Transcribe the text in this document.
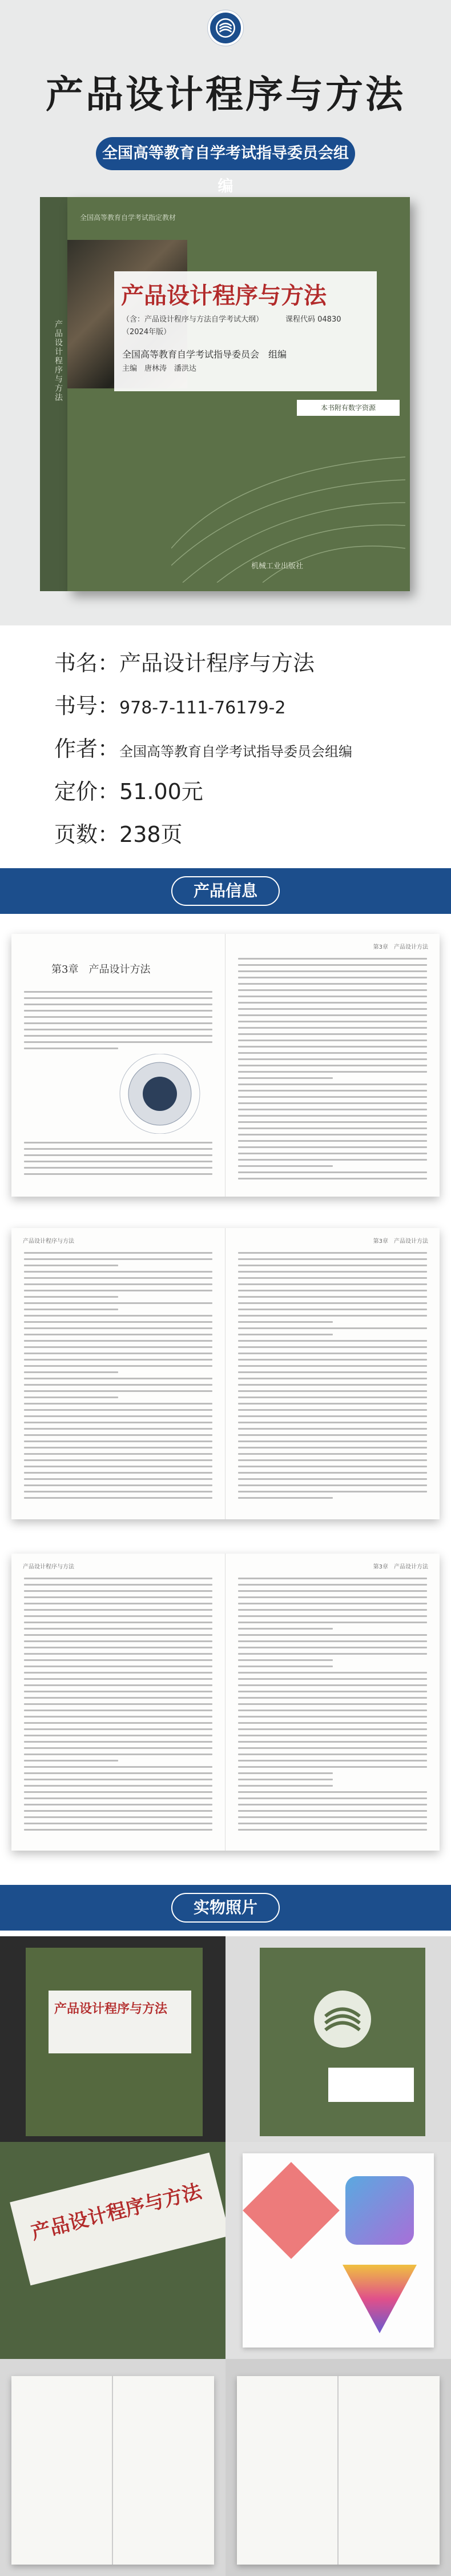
产品设计程序与方法
全国高等教育自学考试指导委员会组编
产品设计程序与方法
全国高等教育自学考试指定教材
产品设计程序与方法
（含：产品设计程序与方法自学考试大纲）
（2024年版）
课程代码 04830
全国高等教育自学考试指导委员会　组编
主编　唐林涛　潘洪达
本书附有数字资源
机械工业出版社
书名：产品设计程序与方法
书号：978-7-111-76179-2
作者：全国高等教育自学考试指导委员会组编
定价：51.00元
页数：238页
产品信息
第3章　产品设计方法
第3章　产品设计方法
产品设计程序与方法	第3章　产品设计方法
产品设计程序与方法	第3章　产品设计方法
实物照片
产品设计程序与方法
产品设计程序与方法
